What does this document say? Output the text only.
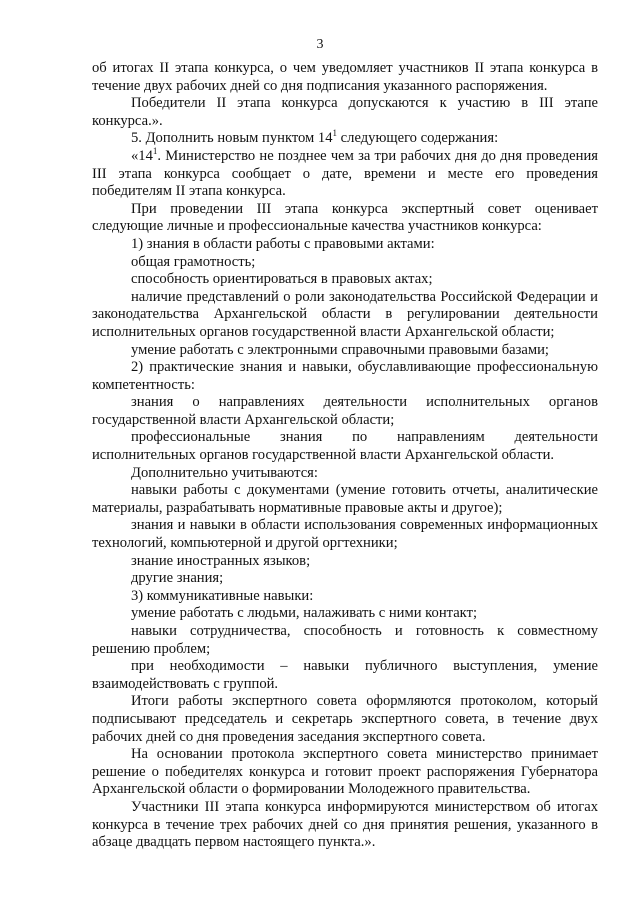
3

об итогах II этапа конкурса, о чем уведомляет участников II этапа конкурса в течение двух рабочих дней со дня подписания указанного распоряжения.

Победители II этапа конкурса допускаются к участию в III этапе конкурса.».

5. Дополнить новым пунктом $14^1$ следующего содержания:

«$14^1$. Министерство не позднее чем за три рабочих дня до дня проведения III этапа конкурса сообщает о дате, времени и месте его проведения победителям II этапа конкурса.

При проведении III этапа конкурса экспертный совет оценивает следующие личные и профессиональные качества участников конкурса:

1) знания в области работы с правовыми актами:

общая грамотность;

способность ориентироваться в правовых актах;

наличие представлений о роли законодательства Российской Федерации и законодательства Архангельской области в регулировании деятельности исполнительных органов государственной власти Архангельской области;

умение работать с электронными справочными правовыми базами;

2) практические знания и навыки, обуславливающие профессиональную компетентность:

знания о направлениях деятельности исполнительных органов государственной власти Архангельской области;

профессиональные знания по направлениям деятельности исполнительных органов государственной власти Архангельской области.

Дополнительно учитываются:

навыки работы с документами (умение готовить отчеты, аналитические материалы, разрабатывать нормативные правовые акты и другое);

знания и навыки в области использования современных информационных технологий, компьютерной и другой оргтехники;

знание иностранных языков;

другие знания;

3) коммуникативные навыки:

умение работать с людьми, налаживать с ними контакт;

навыки сотрудничества, способность и готовность к совместному решению проблем;

при необходимости – навыки публичного выступления, умение взаимодействовать с группой.

Итоги работы экспертного совета оформляются протоколом, который подписывают председатель и секретарь экспертного совета, в течение двух рабочих дней со дня проведения заседания экспертного совета.

На основании протокола экспертного совета министерство принимает решение о победителях конкурса и готовит проект распоряжения Губернатора Архангельской области о формировании Молодежного правительства.

Участники III этапа конкурса информируются министерством об итогах конкурса в течение трех рабочих дней со дня принятия решения, указанного в абзаце двадцать первом настоящего пункта.».
